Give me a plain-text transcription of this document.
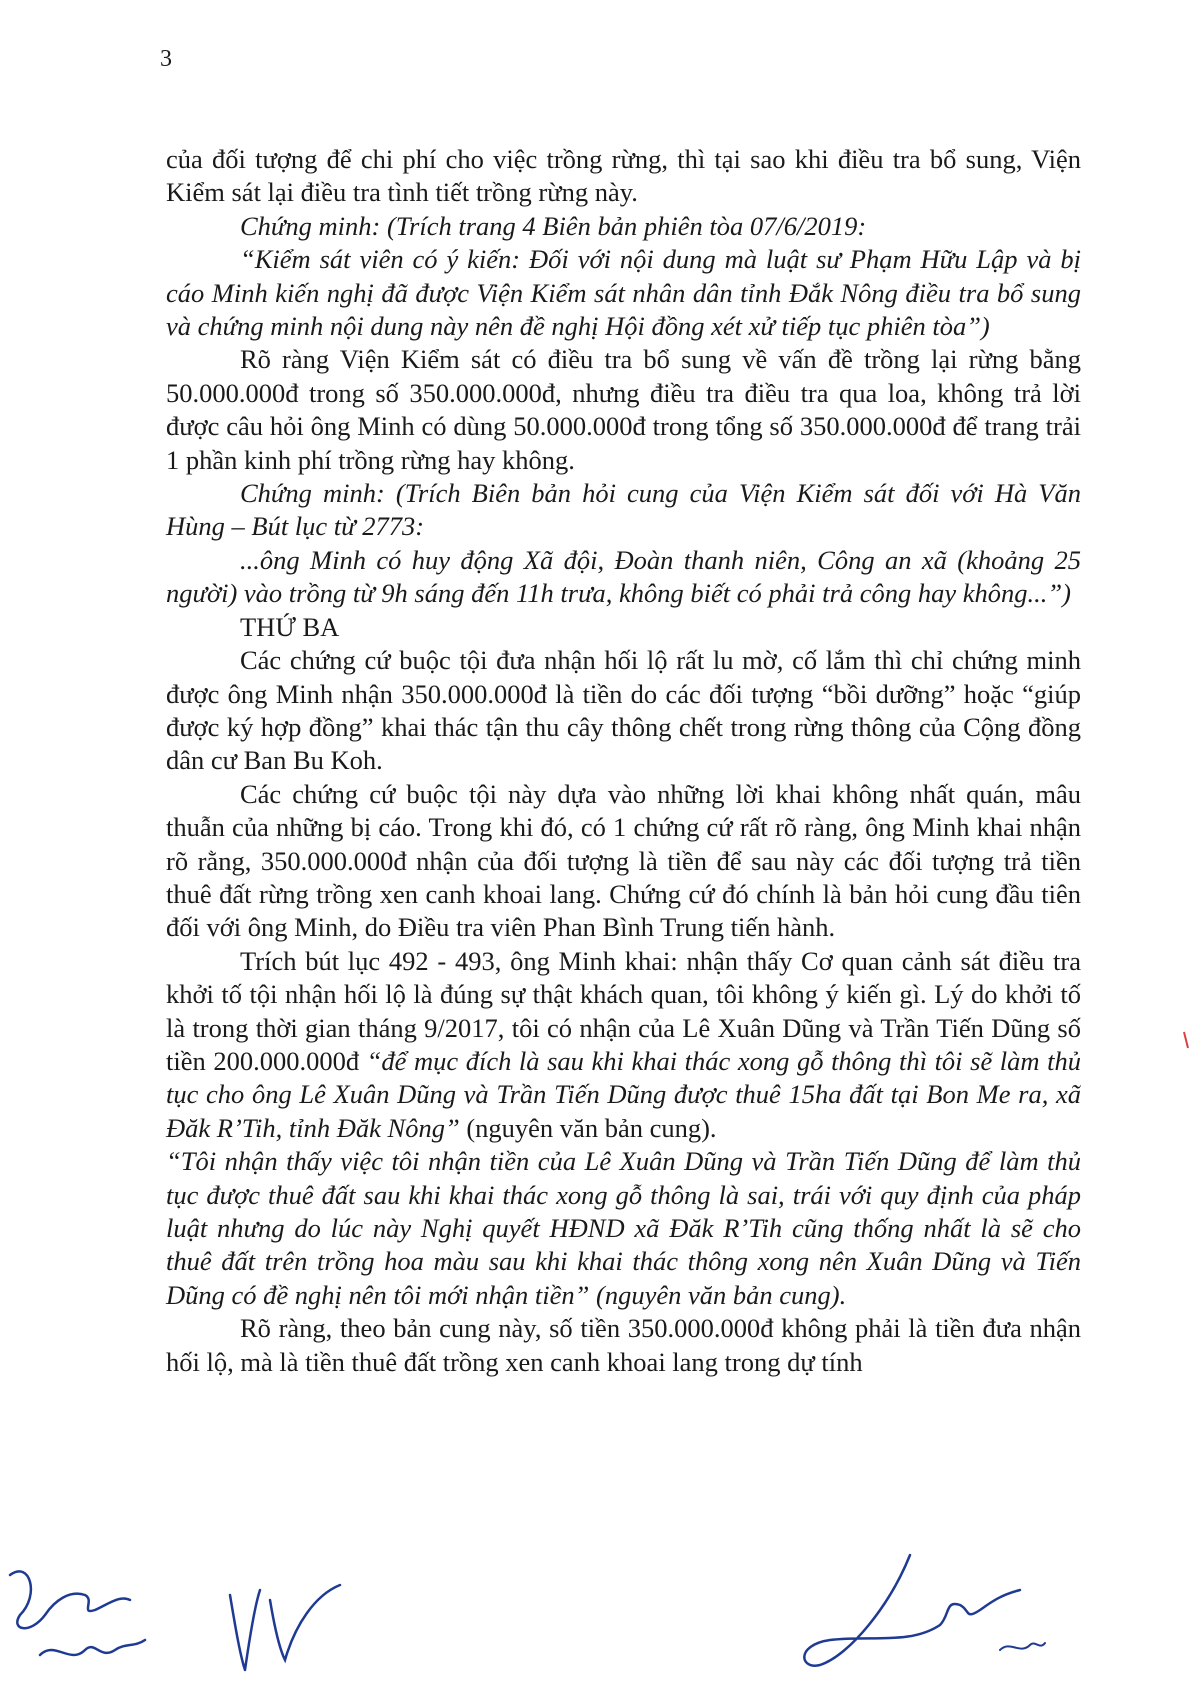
3

của đối tượng để chi phí cho việc trồng rừng, thì tại sao khi điều tra bổ sung, Viện Kiểm sát lại điều tra tình tiết trồng rừng này.

Chứng minh: (Trích trang 4 Biên bản phiên tòa 07/6/2019:

“Kiểm sát viên có ý kiến: Đối với nội dung mà luật sư Phạm Hữu Lập và bị cáo Minh kiến nghị đã được Viện Kiểm sát nhân dân tỉnh Đắk Nông điều tra bổ sung và chứng minh nội dung này nên đề nghị Hội đồng xét xử tiếp tục phiên tòa”)

Rõ ràng Viện Kiểm sát có điều tra bổ sung về vấn đề trồng lại rừng bằng 50.000.000đ trong số 350.000.000đ, nhưng điều tra điều tra qua loa, không trả lời được câu hỏi ông Minh có dùng 50.000.000đ trong tổng số 350.000.000đ để trang trải 1 phần kinh phí trồng rừng hay không.

Chứng minh: (Trích Biên bản hỏi cung của Viện Kiểm sát đối với Hà Văn Hùng – Bút lục từ 2773:

...ông Minh có huy động Xã đội, Đoàn thanh niên, Công an xã (khoảng 25 người) vào trồng từ 9h sáng đến 11h trưa, không biết có phải trả công hay không...”)

THỨ BA

Các chứng cứ buộc tội đưa nhận hối lộ rất lu mờ, cố lắm thì chỉ chứng minh được ông Minh nhận 350.000.000đ là tiền do các đối tượng “bồi dưỡng” hoặc “giúp được ký hợp đồng” khai thác tận thu cây thông chết trong rừng thông của Cộng đồng dân cư Ban Bu Koh.

Các chứng cứ buộc tội này dựa vào những lời khai không nhất quán, mâu thuẫn của những bị cáo. Trong khi đó, có 1 chứng cứ rất rõ ràng, ông Minh khai nhận rõ rằng, 350.000.000đ nhận của đối tượng là tiền để sau này các đối tượng trả tiền thuê đất rừng trồng xen canh khoai lang. Chứng cứ đó chính là bản hỏi cung đầu tiên đối với ông Minh, do Điều tra viên Phan Bình Trung tiến hành.

Trích bút lục 492 - 493, ông Minh khai: nhận thấy Cơ quan cảnh sát điều tra khởi tố tội nhận hối lộ là đúng sự thật khách quan, tôi không ý kiến gì. Lý do khởi tố là trong thời gian tháng 9/2017, tôi có nhận của Lê Xuân Dũng và Trần Tiến Dũng số tiền 200.000.000đ “để mục đích là sau khi khai thác xong gỗ thông thì tôi sẽ làm thủ tục cho ông Lê Xuân Dũng và Trần Tiến Dũng được thuê 15ha đất tại Bon Me ra, xã Đăk R’Tih, tỉnh Đăk Nông” (nguyên văn bản cung).

“Tôi nhận thấy việc tôi nhận tiền của Lê Xuân Dũng và Trần Tiến Dũng để làm thủ tục được thuê đất sau khi khai thác xong gỗ thông là sai, trái với quy định của pháp luật nhưng do lúc này Nghị quyết HĐND xã Đăk R’Tih cũng thống nhất là sẽ cho thuê đất trên trồng hoa màu sau khi khai thác thông xong nên Xuân Dũng và Tiến Dũng có đề nghị nên tôi mới nhận tiền” (nguyên văn bản cung).

Rõ ràng, theo bản cung này, số tiền 350.000.000đ không phải là tiền đưa nhận hối lộ, mà là tiền thuê đất trồng xen canh khoai lang trong dự tính
